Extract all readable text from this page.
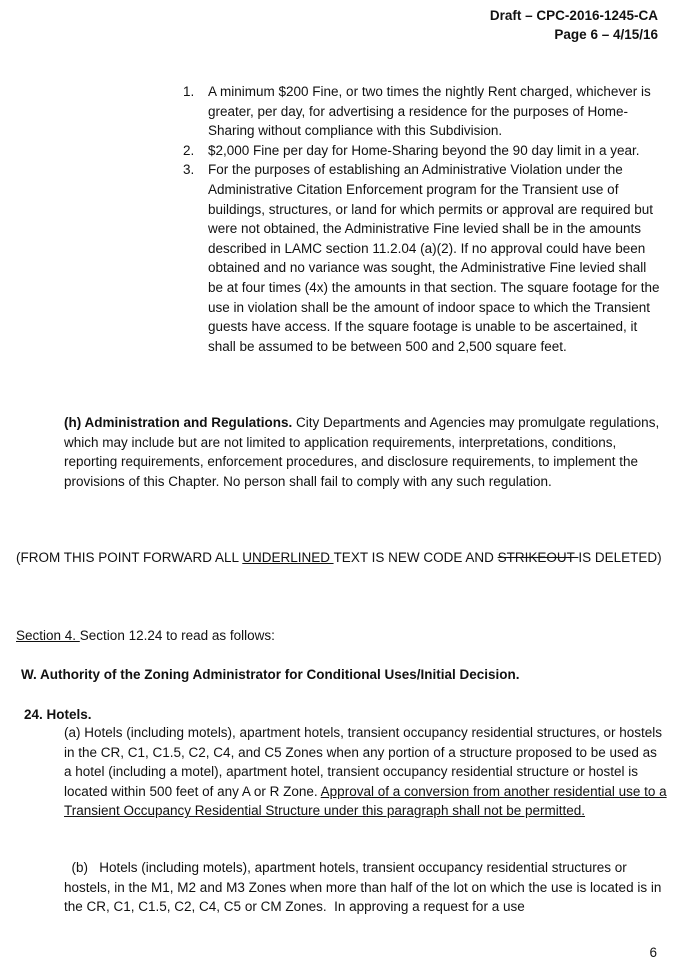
Draft – CPC-2016-1245-CA
Page 6 – 4/15/16
1. A minimum $200 Fine, or two times the nightly Rent charged, whichever is greater, per day, for advertising a residence for the purposes of Home-Sharing without compliance with this Subdivision.
2. $2,000 Fine per day for Home-Sharing beyond the 90 day limit in a year.
3. For the purposes of establishing an Administrative Violation under the Administrative Citation Enforcement program for the Transient use of buildings, structures, or land for which permits or approval are required but were not obtained, the Administrative Fine levied shall be in the amounts described in LAMC section 11.2.04 (a)(2). If no approval could have been obtained and no variance was sought, the Administrative Fine levied shall be at four times (4x) the amounts in that section. The square footage for the use in violation shall be the amount of indoor space to which the Transient guests have access. If the square footage is unable to be ascertained, it shall be assumed to be between 500 and 2,500 square feet.
(h) Administration and Regulations. City Departments and Agencies may promulgate regulations, which may include but are not limited to application requirements, interpretations, conditions, reporting requirements, enforcement procedures, and disclosure requirements, to implement the provisions of this Chapter. No person shall fail to comply with any such regulation.
(FROM THIS POINT FORWARD ALL UNDERLINED TEXT IS NEW CODE AND STRIKEOUT IS DELETED)
Section 4. Section 12.24 to read as follows:
W. Authority of the Zoning Administrator for Conditional Uses/Initial Decision.
24. Hotels.
(a) Hotels (including motels), apartment hotels, transient occupancy residential structures, or hostels in the CR, C1, C1.5, C2, C4, and C5 Zones when any portion of a structure proposed to be used as a hotel (including a motel), apartment hotel, transient occupancy residential structure or hostel is located within 500 feet of any A or R Zone. Approval of a conversion from another residential use to a Transient Occupancy Residential Structure under this paragraph shall not be permitted.
(b)   Hotels (including motels), apartment hotels, transient occupancy residential structures or hostels, in the M1, M2 and M3 Zones when more than half of the lot on which the use is located is in the CR, C1, C1.5, C2, C4, C5 or CM Zones.  In approving a request for a use
6
